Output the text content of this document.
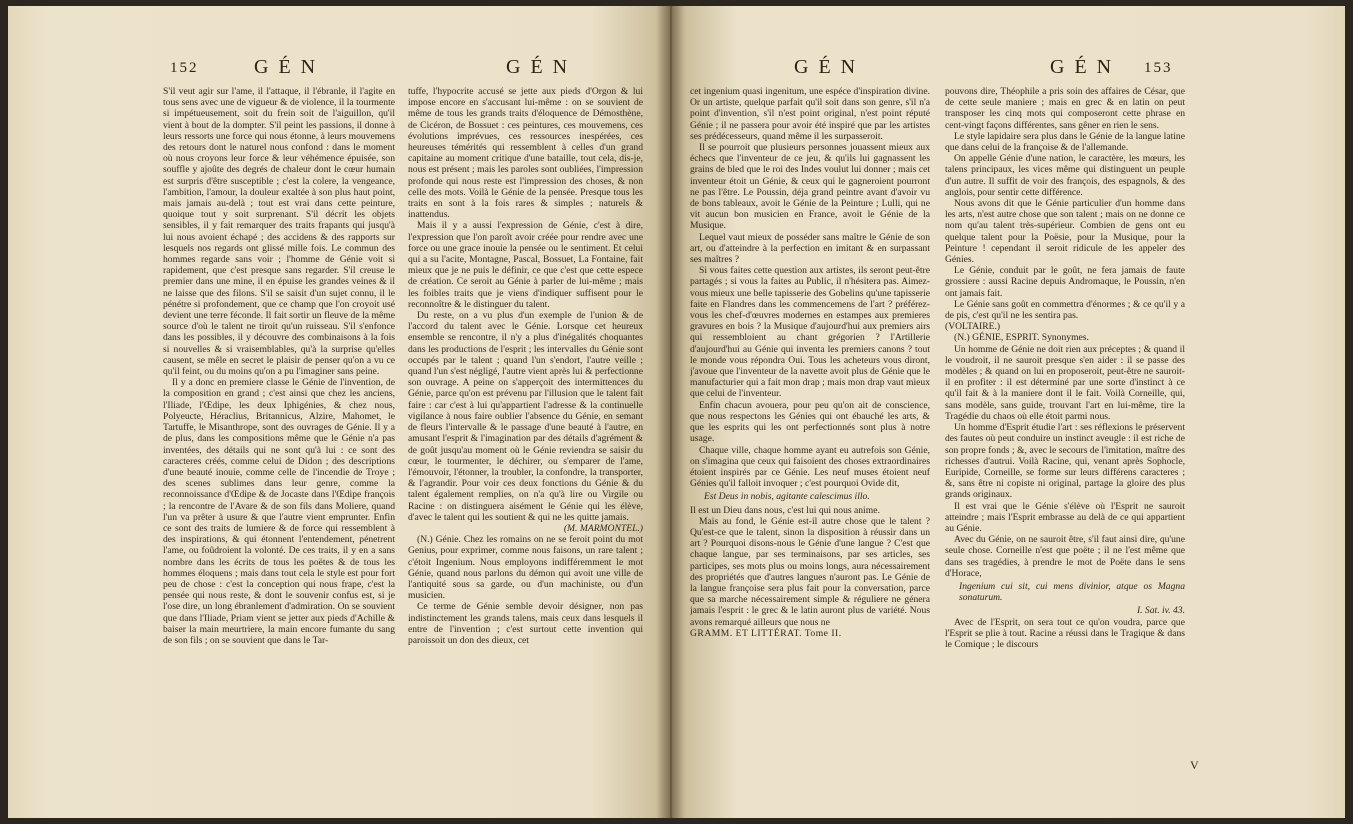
152	GÉN	GÉN

S'il veut agir sur l'ame, il l'attaque, il l'ébranle, il l'agite en tous sens avec une de vigueur & de violence, il la tourmente si impétueusement, soit du frein soit de l'aiguillon, qu'il vient à bout de la dompter. S'il peint les passions, il donne à leurs ressorts une force qui nous étonne, à leurs mouvemens des retours dont le naturel nous confond : dans le moment où nous croyons leur force & leur véhémence épuisée, son souffle y ajoûte des degrés de chaleur dont le cœur humain est surpris d'être susceptible ; c'est la colere, la vengeance, l'ambition, l'amour, la douleur exaltée à son plus haut point, mais jamais au-delà ; tout est vrai dans cette peinture, quoique tout y soit surprenant. S'il décrit les objets sensibles, il y fait remarquer des traits frapants qui jusqu'à lui nous avoient échapé ; des accidens & des rapports sur lesquels nos regards ont glissé mille fois. Le commun des hommes regarde sans voir ; l'homme de Génie voit si rapidement, que c'est presque sans regarder. S'il creuse le premier dans une mine, il en épuise les grandes veines & il ne laisse que des filons. S'il se saisit d'un sujet connu, il le pénétre si profondement, que ce champ que l'on croyoit usé devient une terre féconde. Il fait sortir un fleuve de la même source d'où le talent ne tiroit qu'un ruisseau. S'il s'enfonce dans les possibles, il y découvre des combinaisons à la fois si nouvelles & si vraisemblables, qu'à la surprise qu'elles causent, se mêle en secret le plaisir de penser qu'on a vu ce qu'il feint, ou du moins qu'on a pu l'imaginer sans peine.

Il y a donc en premiere classe le Génie de l'invention, de la composition en grand ; c'est ainsi que chez les anciens, l'Iliade, l'Œdipe, les deux Iphigénies, & chez nous, Polyeucte, Héraclius, Britannicus, Alzire, Mahomet, le Tartuffe, le Misanthrope, sont des ouvrages de Génie. Il y a de plus, dans les compositions même que le Génie n'a pas inventées, des détails qui ne sont qu'à lui : ce sont des caracteres créés, comme celui de Didon ; des descriptions d'une beauté inouie, comme celle de l'incendie de Troye ; des scenes sublimes dans leur genre, comme la reconnoissance d'Œdipe & de Jocaste dans l'Œdipe françois ; la rencontre de l'Avare & de son fils dans Moliere, quand l'un va prêter à usure & que l'autre vient emprunter. Enfin ce sont des traits de lumiere & de force qui ressemblent à des inspirations, & qui étonnent l'entendement, pénetrent l'ame, ou foûdroient la volonté. De ces traits, il y en a sans nombre dans les écrits de tous les poëtes & de tous les hommes éloquens ; mais dans tout cela le style est pour fort peu de chose : c'est la conception qui nous frape, c'est la pensée qui nous reste, & dont le souvenir confus est, si je l'ose dire, un long ébranlement d'admiration. On se souvient que dans l'Iliade, Priam vient se jetter aux pieds d'Achille & baiser la main meurtriere, la main encore fumante du sang de son fils ; on se souvient que dans le Tar-

tuffe, l'hypocrite accusé se jette aux pieds d'Orgon & lui impose encore en s'accusant lui-même : on se souvient de même de tous les grands traits d'éloquence de Démosthène, de Cicéron, de Bossuet : ces peintures, ces mouvemens, ces évolutions imprévues, ces ressources inespérées, ces heureuses témérités qui ressemblent à celles d'un grand capitaine au moment critique d'une bataille, tout cela, dis-je, nous est présent ; mais les paroles sont oubliées, l'impression profonde qui nous reste est l'impression des choses, & non celle des mots. Voilà le Génie de la pensée. Presque tous les traits en sont à la fois rares & simples ; naturels & inattendus.

Mais il y a aussi l'expression de Génie, c'est à dire, l'expression que l'on paroît avoir créée pour rendre avec une force ou une grace inouie la pensée ou le sentiment. Et celui qui a su l'acite, Montagne, Pascal, Bossuet, La Fontaine, fait mieux que je ne puis le définir, ce que c'est que cette espece de création. Ce seroit au Génie à parler de lui-même ; mais les foibles traits que je viens d'indiquer suffisent pour le reconnoître & le distinguer du talent.

Du reste, on a vu plus d'un exemple de l'union & de l'accord du talent avec le Génie. Lorsque cet heureux ensemble se rencontre, il n'y a plus d'inégalités choquantes dans les productions de l'esprit ; les intervalles du Génie sont occupés par le talent ; quand l'un s'endort, l'autre veille ; quand l'un s'est négligé, l'autre vient après lui & perfectionne son ouvrage. A peine on s'apperçoit des intermittences du Génie, parce qu'on est prévenu par l'illusion que le talent fait faire : car c'est à lui qu'appartient l'adresse & la continuelle vigilance à nous faire oublier l'absence du Génie, en semant de fleurs l'intervalle & le passage d'une beauté à l'autre, en amusant l'esprit & l'imagination par des détails d'agrément & de goût jusqu'au moment où le Génie reviendra se saisir du cœur, le tourmenter, le déchirer, ou s'emparer de l'ame, l'émouvoir, l'étonner, la troubler, la confondre, la transporter, & l'agrandir. Pour voir ces deux fonctions du Génie & du talent également remplies, on n'a qu'à lire ou Virgile ou Racine : on distinguera aisément le Génie qui les élève, d'avec le talent qui les soutient & qui ne les quitte jamais.

(M. MARMONTEL.)

(N.) Génie. Chez les romains on ne se feroit point du mot Genius, pour exprimer, comme nous faisons, un rare talent ; c'étoit Ingenium. Nous employons indifféremment le mot Génie, quand nous parlons du démon qui avoit une ville de l'antiquité sous sa garde, ou d'un machiniste, ou d'un musicien.

Ce terme de Génie semble devoir désigner, non pas indistinctement les grands talens, mais ceux dans lesquels il entre de l'invention ; c'est surtout cette invention qui paroissoit un don des dieux, cet

GÉN	GÉN 153

cet ingenium quasi ingenitum, une espéce d'inspiration divine. Or un artiste, quelque parfait qu'il soit dans son genre, s'il n'a point d'invention, s'il n'est point original, n'est point réputé Génie ; il ne passera pour avoir été inspiré que par les artistes ses prédécesseurs, quand même il les surpasseroit.

Il se pourroit que plusieurs personnes jouassent mieux aux échecs que l'inventeur de ce jeu, & qu'ils lui gagnassent les grains de bled que le roi des Indes voulut lui donner ; mais cet inventeur étoit un Génie, & ceux qui le gagneroient pourront ne pas l'être. Le Poussin, déja grand peintre avant d'avoir vu de bons tableaux, avoit le Génie de la Peinture ; Lulli, qui ne vit aucun bon musicien en France, avoit le Génie de la Musique.

Lequel vaut mieux de posséder sans maître le Génie de son art, ou d'atteindre à la perfection en imitant & en surpassant ses maîtres ?

Si vous faites cette question aux artistes, ils seront peut-être partagés ; si vous la faites au Public, il n'hésitera pas. Aimez-vous mieux une belle tapisserie des Gobelins qu'une tapisserie faite en Flandres dans les commencemens de l'art ? préférez-vous les chef-d'œuvres modernes en estampes aux premieres gravures en bois ? la Musique d'aujourd'hui aux premiers airs qui ressembloient au chant grégorien ? l'Artillerie d'aujourd'hui au Génie qui inventa les premiers canons ? tout le monde vous répondra Oui. Tous les acheteurs vous diront, j'avoue que l'inventeur de la navette avoit plus de Génie que le manufacturier qui a fait mon drap ; mais mon drap vaut mieux que celui de l'inventeur.

Enfin chacun avouera, pour peu qu'on ait de conscience, que nous respectons les Génies qui ont ébauché les arts, & que les esprits qui les ont perfectionnés sont plus à notre usage.

Chaque ville, chaque homme ayant eu autrefois son Génie, on s'imagina que ceux qui faisoient des choses extraordinaires étoient inspirés par ce Génie. Les neuf muses étoient neuf Génies qu'il falloit invoquer ; c'est pourquoi Ovide dit,

Est Deus in nobis, agitante calescimus illo.

Il est un Dieu dans nous, c'est lui qui nous anime.

Mais au fond, le Génie est-il autre chose que le talent ? Qu'est-ce que le talent, sinon la disposition à réussir dans un art ? Pourquoi disons-nous le Génie d'une langue ? C'est que chaque langue, par ses terminaisons, par ses articles, ses participes, ses mots plus ou moins longs, aura nécessairement des propriétés que d'autres langues n'auront pas. Le Génie de la langue françoise sera plus fait pour la conversation, parce que sa marche nécessairement simple & réguliere ne génera jamais l'esprit : le grec & le latin auront plus de variété. Nous avons remarqué ailleurs que nous ne

GRAMM. ET LITTÉRAT. Tome II.

pouvons dire, Théophile a pris soin des affaires de César, que de cette seule maniere ; mais en grec & en latin on peut transposer les cinq mots qui composeront cette phrase en cent-vingt façons différentes, sans gêner en rien le sens.

Le style lapidaire sera plus dans le Génie de la langue latine que dans celui de la françoise & de l'allemande.

On appelle Génie d'une nation, le caractère, les mœurs, les talens principaux, les vices même qui distinguent un peuple d'un autre. Il suffit de voir des françois, des espagnols, & des anglois, pour sentir cette différence.

Nous avons dit que le Génie particulier d'un homme dans les arts, n'est autre chose que son talent ; mais on ne donne ce nom qu'au talent très-supérieur. Combien de gens ont eu quelque talent pour la Poësie, pour la Musique, pour la Peinture ! cependant il seroit ridicule de les appeler des Génies.

Le Génie, conduit par le goût, ne fera jamais de faute grossiere : aussi Racine depuis Andromaque, le Poussin, n'en ont jamais fait.

Le Génie sans goût en commettra d'énormes ; & ce qu'il y a de pis, c'est qu'il ne les sentira pas.

(VOLTAIRE.)

(N.) GÉNIE, ESPRIT. Synonymes.

Un homme de Génie ne doit rien aux préceptes ; & quand il le voudroit, il ne sauroit presque s'en aider : il se passe des modèles ; & quand on lui en proposeroit, peut-être ne sauroit-il en profiter : il est déterminé par une sorte d'instinct à ce qu'il fait & à la maniere dont il le fait. Voilà Corneille, qui, sans modèle, sans guide, trouvant l'art en lui-même, tire la Tragédie du chaos où elle étoit parmi nous.

Un homme d'Esprit étudie l'art : ses réflexions le préservent des fautes où peut conduire un instinct aveugle : il est riche de son propre fonds ; &, avec le secours de l'imitation, maître des richesses d'autrui. Voilà Racine, qui, venant après Sophocle, Euripide, Corneille, se forme sur leurs différens caracteres ; &, sans être ni copiste ni original, partage la gloire des plus grands originaux.

Il est vrai que le Génie s'élève où l'Esprit ne sauroit atteindre ; mais l'Esprit embrasse au delà de ce qui appartient au Génie.

Avec du Génie, on ne sauroit être, s'il faut ainsi dire, qu'une seule chose. Corneille n'est que poëte ; il ne l'est même que dans ses tragédies, à prendre le mot de Poëte dans le sens d'Horace,

Ingenium cui sit, cui mens divinior, atque os Magna sonaturum.

I. Sat. iv. 43.

Avec de l'Esprit, on sera tout ce qu'on voudra, parce que l'Esprit se plie à tout. Racine a réussi dans le Tragique & dans le Comique ; le discours

V
